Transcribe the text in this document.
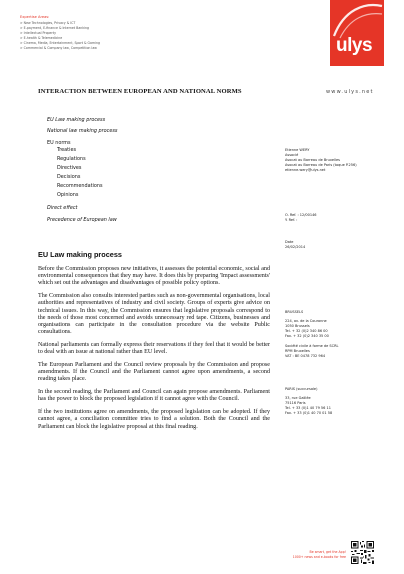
Expertise Areas:
> New Technologies, Privacy & ICT
> E-payment, E-finance & Internet Banking
> Intellectual Property
> E-health & Telemedicine
> Cinema, Media, Entertainment, Sport & Gaming
> Commercial & Company law, Competition law	ulys
INTERACTION BETWEEN EUROPEAN AND NATIONAL NORMS	www.ulys.net
EU Law making process
National law making process
EU norms
Treaties
Regulations
Directives
Decisions
Recommendations
Opinions
Direct effect
Precedence of European law
Etienne WERY
Associé
Avocat au Barreau de Bruxelles
Avocat au Barreau de Paris (toque P.256)
etienne.wery@ulys.net
O. Ref. : 12/00146
Y. Ref. :
Date
26/02/2014
BRUSSELS
224, av. de la Couronne
1050 Brussels
Tel. + 32 (0)2 340 86 00
Fax. + 32 (0)2 340 35 00

Société civile à forme de SCRL
RPM Bruxelles
VAT : BE 0478 732 964
PARIS (succursale)
33, rue Galilée
75116 Paris
Tel. + 33 (0)1 40 79 56 11
Fax. + 33 (0)1 40 70 01 58
EU Law making process

Before the Commission proposes new initiatives, it assesses the potential economic, social and environmental consequences that they may have. It does this by preparing 'Impact assessments' which set out the advantages and disadvantages of possible policy options.

The Commission also consults interested parties such as non-governmental organisations, local authorities and representatives of industry and civil society. Groups of experts give advice on technical issues. In this way, the Commission ensures that legislative proposals correspond to the needs of those most concerned and avoids unnecessary red tape. Citizens, businesses and organisations can participate in the consultation procedure via the website Public consultations.

National parliaments can formally express their reservations if they feel that it would be better to deal with an issue at national rather than EU level.

The European Parliament and the Council review proposals by the Commission and propose amendments. If the Council and the Parliament cannot agree upon amendments, a second reading takes place.

In the second reading, the Parliament and Council can again propose amendments. Parliament has the power to block the proposed legislation if it cannot agree with the Council.

If the two institutions agree on amendments, the proposed legislation can be adopted. If they cannot agree, a conciliation committee tries to find a solution. Both the Council and the Parliament can block the legislative proposal at this final reading.

Be smart, get the App!
1000+ news and e-books for free
